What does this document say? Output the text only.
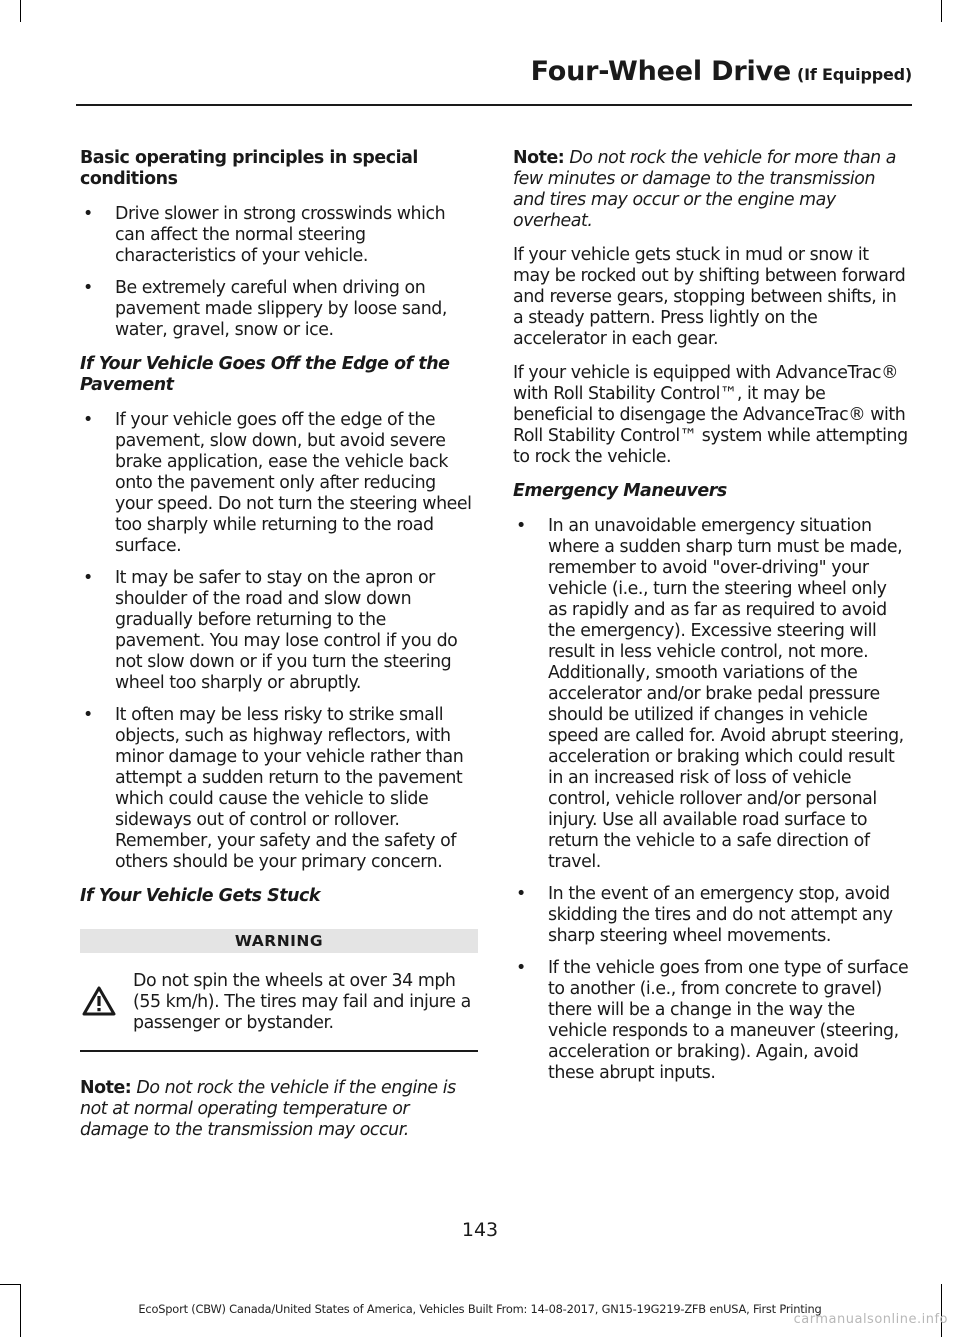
Four-Wheel Drive (If Equipped)
Basic operating principles in special conditions
• Drive slower in strong crosswinds which can affect the normal steering characteristics of your vehicle.
• Be extremely careful when driving on pavement made slippery by loose sand, water, gravel, snow or ice.
If Your Vehicle Goes Off the Edge of the Pavement
• If your vehicle goes off the edge of the pavement, slow down, but avoid severe brake application, ease the vehicle back onto the pavement only after reducing your speed. Do not turn the steering wheel too sharply while returning to the road surface.
• It may be safer to stay on the apron or shoulder of the road and slow down gradually before returning to the pavement. You may lose control if you do not slow down or if you turn the steering wheel too sharply or abruptly.
• It often may be less risky to strike small objects, such as highway reflectors, with minor damage to your vehicle rather than attempt a sudden return to the pavement which could cause the vehicle to slide sideways out of control or rollover. Remember, your safety and the safety of others should be your primary concern.
If Your Vehicle Gets Stuck
WARNING
Do not spin the wheels at over 34 mph (55 km/h). The tires may fail and injure a passenger or bystander.

Note: Do not rock the vehicle if the engine is not at normal operating temperature or damage to the transmission may occur.

Note: Do not rock the vehicle for more than a few minutes or damage to the transmission and tires may occur or the engine may overheat.

If your vehicle gets stuck in mud or snow it may be rocked out by shifting between forward and reverse gears, stopping between shifts, in a steady pattern. Press lightly on the accelerator in each gear.

If your vehicle is equipped with AdvanceTrac® with Roll Stability Control™, it may be beneficial to disengage the AdvanceTrac® with Roll Stability Control™ system while attempting to rock the vehicle.

Emergency Maneuvers
• In an unavoidable emergency situation where a sudden sharp turn must be made, remember to avoid "over-driving" your vehicle (i.e., turn the steering wheel only as rapidly and as far as required to avoid the emergency). Excessive steering will result in less vehicle control, not more. Additionally, smooth variations of the accelerator and/or brake pedal pressure should be utilized if changes in vehicle speed are called for. Avoid abrupt steering, acceleration or braking which could result in an increased risk of loss of vehicle control, vehicle rollover and/or personal injury. Use all available road surface to return the vehicle to a safe direction of travel.
• In the event of an emergency stop, avoid skidding the tires and do not attempt any sharp steering wheel movements.
• If the vehicle goes from one type of surface to another (i.e., from concrete to gravel) there will be a change in the way the vehicle responds to a maneuver (steering, acceleration or braking). Again, avoid these abrupt inputs.
143
EcoSport (CBW) Canada/United States of America, Vehicles Built From: 14-08-2017, GN15-19G219-ZFB enUSA, First Printing
carmanualsonline.info
